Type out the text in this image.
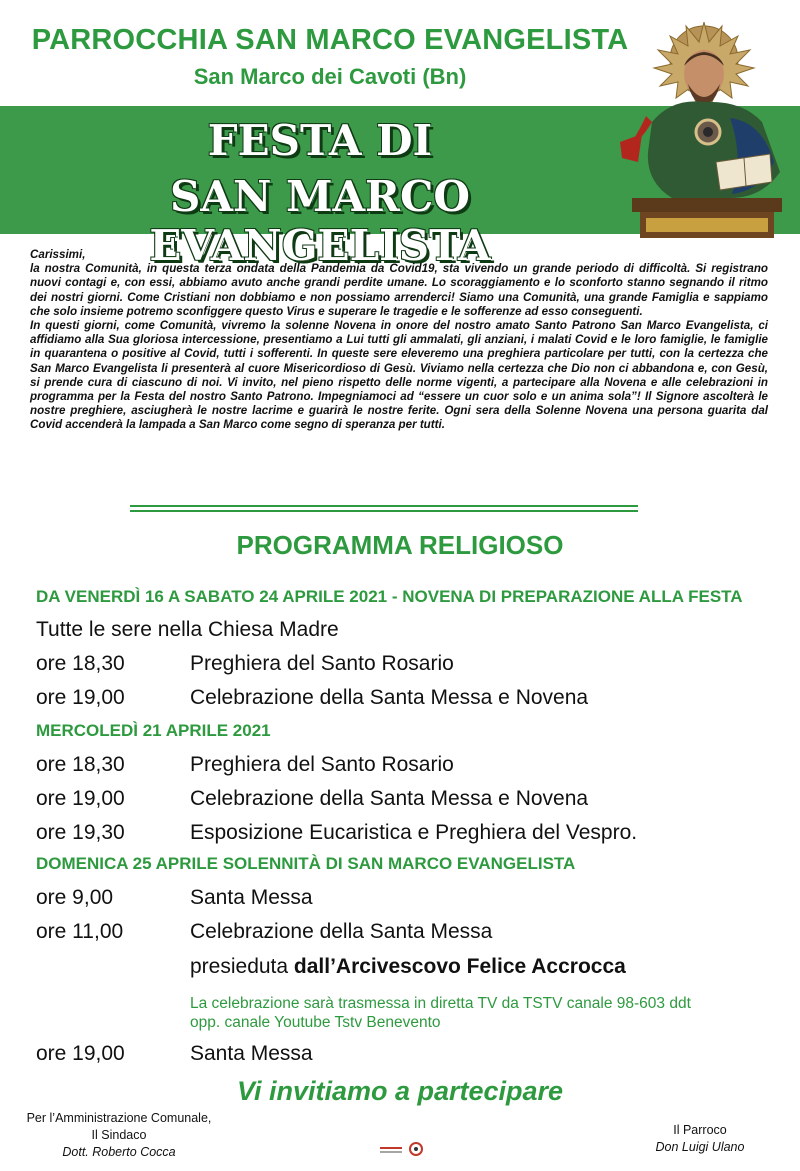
PARROCCHIA SAN MARCO EVANGELISTA
San Marco dei Cavoti (Bn)
FESTA DI
SAN MARCO EVANGELISTA

Carissimi,

la nostra Comunità, in questa terza ondata della Pandemia da Covid19, sta vivendo un grande periodo di difficoltà. Si registrano nuovi contagi e, con essi, abbiamo avuto anche grandi perdite umane. Lo scoraggiamento e lo sconforto stanno segnando il ritmo dei nostri giorni. Come Cristiani non dobbiamo e non possiamo arrenderci! Siamo una Comunità, una grande Famiglia e sappiamo che solo insieme potremo sconfiggere questo Virus e superare le tragedie e le sofferenze ad esso conseguenti.

In questi giorni, come Comunità, vivremo la solenne Novena in onore del nostro amato Santo Patrono San Marco Evangelista, ci affidiamo alla Sua gloriosa intercessione, presentiamo a Lui tutti gli ammalati, gli anziani, i malati Covid e le loro famiglie, le famiglie in quarantena o positive al Covid, tutti i sofferenti. In queste sere eleveremo una preghiera particolare per tutti, con la certezza che San Marco Evangelista li presenterà al cuore Misericordioso di Gesù. Viviamo nella certezza che Dio non ci abbandona e, con Gesù, si prende cura di ciascuno di noi. Vi invito, nel pieno rispetto delle norme vigenti, a partecipare alla Novena e alle celebrazioni in programma per la Festa del nostro Santo Patrono. Impegniamoci ad “essere un cuor solo e un anima sola”! Il Signore ascolterà le nostre preghiere, asciugherà le nostre lacrime e guarirà le nostre ferite. Ogni sera della Solenne Novena una persona guarita dal Covid accenderà la lampada a San Marco come segno di speranza per tutti.

PROGRAMMA RELIGIOSO
DA VENERDÌ 16 A SABATO 24 APRILE 2021 - NOVENA DI PREPARAZIONE ALLA FESTA
Tutte le sere nella Chiesa Madre
ore 18,30	Preghiera del Santo Rosario
ore 19,00	Celebrazione della Santa Messa e Novena
MERCOLEDÌ 21 APRILE 2021
ore 18,30	Preghiera del Santo Rosario
ore 19,00	Celebrazione della Santa Messa e Novena
ore 19,30	Esposizione Eucaristica e Preghiera del Vespro.
DOMENICA 25 APRILE SOLENNITÀ DI SAN MARCO EVANGELISTA
ore 9,00	Santa Messa
ore 11,00	Celebrazione della Santa Messa
presieduta dall’Arcivescovo Felice Accrocca
La celebrazione sarà trasmessa in diretta TV da TSTV canale 98-603 ddt
opp. canale Youtube Tstv Benevento
ore 19,00	Santa Messa
Vi invitiamo a partecipare
Per l’Amministrazione Comunale,
Il Sindaco
Dott. Roberto Cocca
Il Parroco
Don Luigi Ulano
